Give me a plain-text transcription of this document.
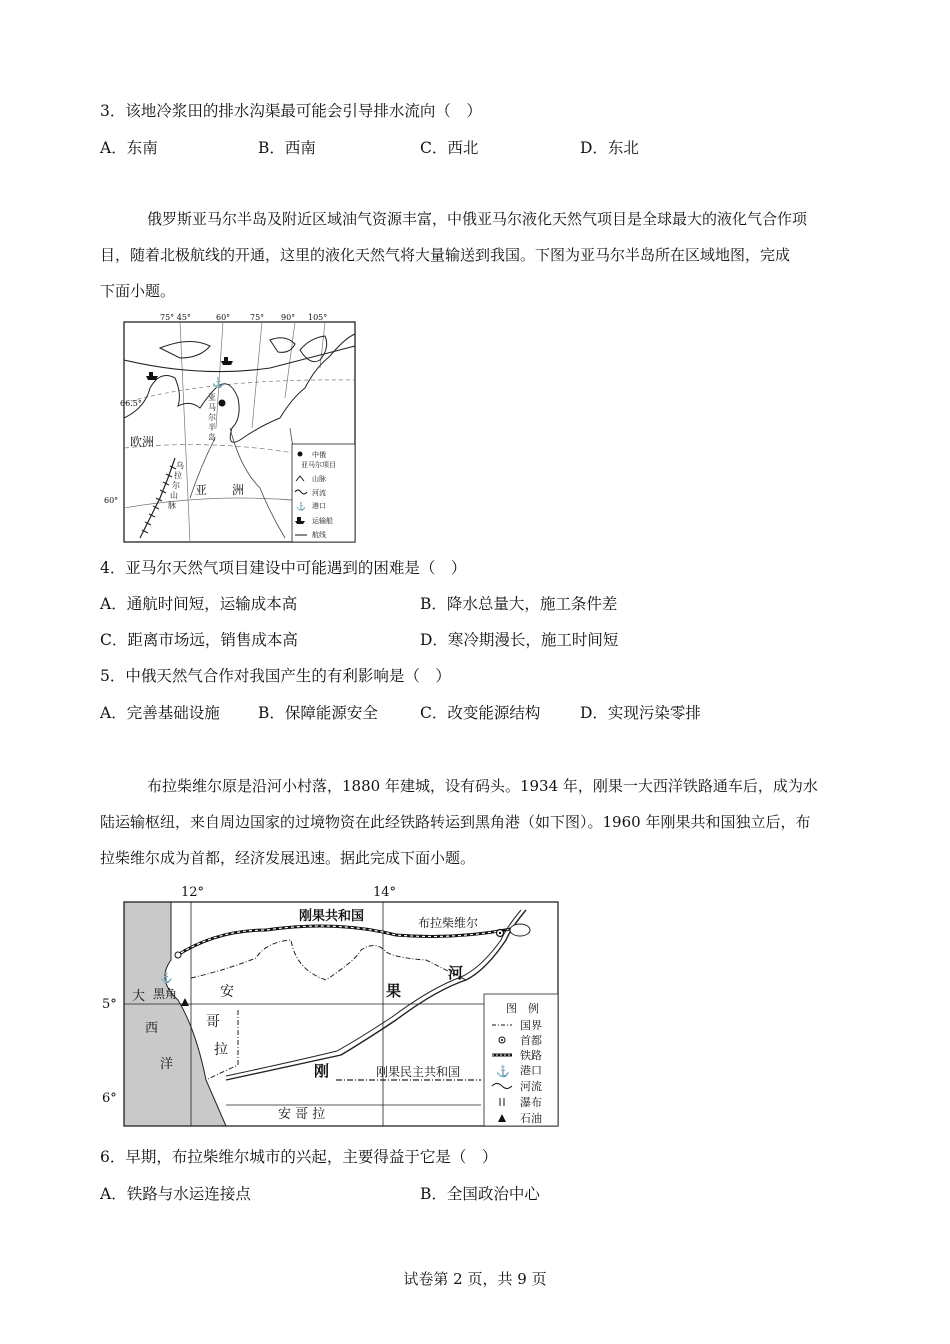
3．该地冷浆田的排水沟渠最可能会引导排水流向（　）
A．东南	B．西南	C．西北	D．东北
俄罗斯亚马尔半岛及附近区域油气资源丰富，中俄亚马尔液化天然气项目是全球最大的液化气合作项
目，随着北极航线的开通，这里的液化天然气将大量输送到我国。下图为亚马尔半岛所在区域地图，完成
下面小题。
⚓
75° 45°	60° 75° 90° 105°
66.5°
60°
欧洲
亚 洲
亚
马
尔
半
岛
乌
拉
尔
山
脉
中俄
亚马尔项目
山脉
河流
⚓ 港口
运输船
航线
4．亚马尔天然气项目建设中可能遇到的困难是（　）
A．通航时间短，运输成本高	B．降水总量大，施工条件差
C．距离市场远，销售成本高	D．寒冷期漫长，施工时间短
5．中俄天然气合作对我国产生的有利影响是（　）
A．完善基础设施 B．保障能源安全	C．改变能源结构	D．实现污染零排
布拉柴维尔原是沿河小村落，1880 年建城，设有码头。1934 年，刚果一大西洋铁路通车后，成为水
陆运输枢纽，来自周边国家的过境物资在此经铁路转运到黑角港（如下图）。1960 年刚果共和国独立后，布
拉柴维尔成为首都，经济发展迅速。据此完成下面小题。
12°	14°
5°
6°
⚓
刚果共和国	布拉柴维尔
黑角
刚果民主共和国
安 哥 拉
大
西
洋
安
哥
拉
刚
果
河
图　例
国界
首都
铁路
⚓ 港口
河流
瀑布
石油
6．早期，布拉柴维尔城市的兴起，主要得益于它是（　）
A．铁路与水运连接点	B．全国政治中心
试卷第 2 页，共 9 页
